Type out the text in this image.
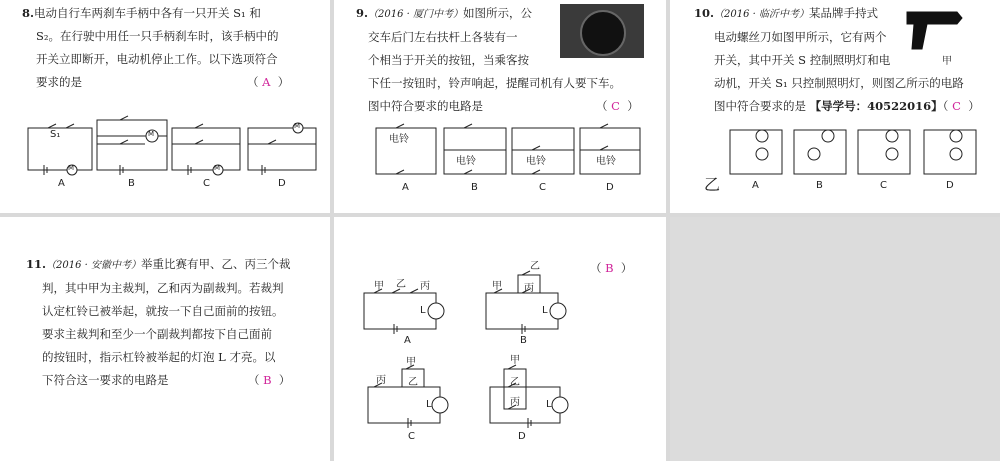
8.电动自行车两刹车手柄中各有一只开关 S₁ 和
S₂。在行驶中用任一只手柄刹车时，该手柄中的
开关立即断开，电动机停止工作。以下选项符合
要求的是	（ A ）
S₁
M
M
M
M
A	B	C	D
9.（2016 · 厦门中考）如图所示，公
交车后门左右扶杆上各装有一
个相当于开关的按钮，当乘客按
下任一按钮时，铃声响起，提醒司机有人要下车。
图中符合要求的电路是	（ C ）
电铃
电铃	电铃	电铃
A	B	C	D
10.（2016 · 临沂中考）某品牌手持式
电动螺丝刀如图甲所示，它有两个
开关，其中开关 S 控制照明灯和电
动机，开关 S₁ 只控制照明灯，则图乙所示的电路
图中符合要求的是 【导学号：40522016】（ C ）
甲
乙	A	B	C	D
11.（2016 · 安徽中考）举重比赛有甲、乙、丙三个裁
判，其中甲为主裁判，乙和丙为副裁判。若裁判
认定杠铃已被举起，就按一下自己面前的按钮。
要求主裁判和至少一个副裁判都按下自己面前
的按钮时，指示杠铃被举起的灯泡 L 才亮。以
下符合这一要求的电路是	（ B ）
甲 乙 丙
L
甲
乙
丙
L
丙
甲
乙
L
甲
乙
丙	L
A	B
C	D
（ B ）
